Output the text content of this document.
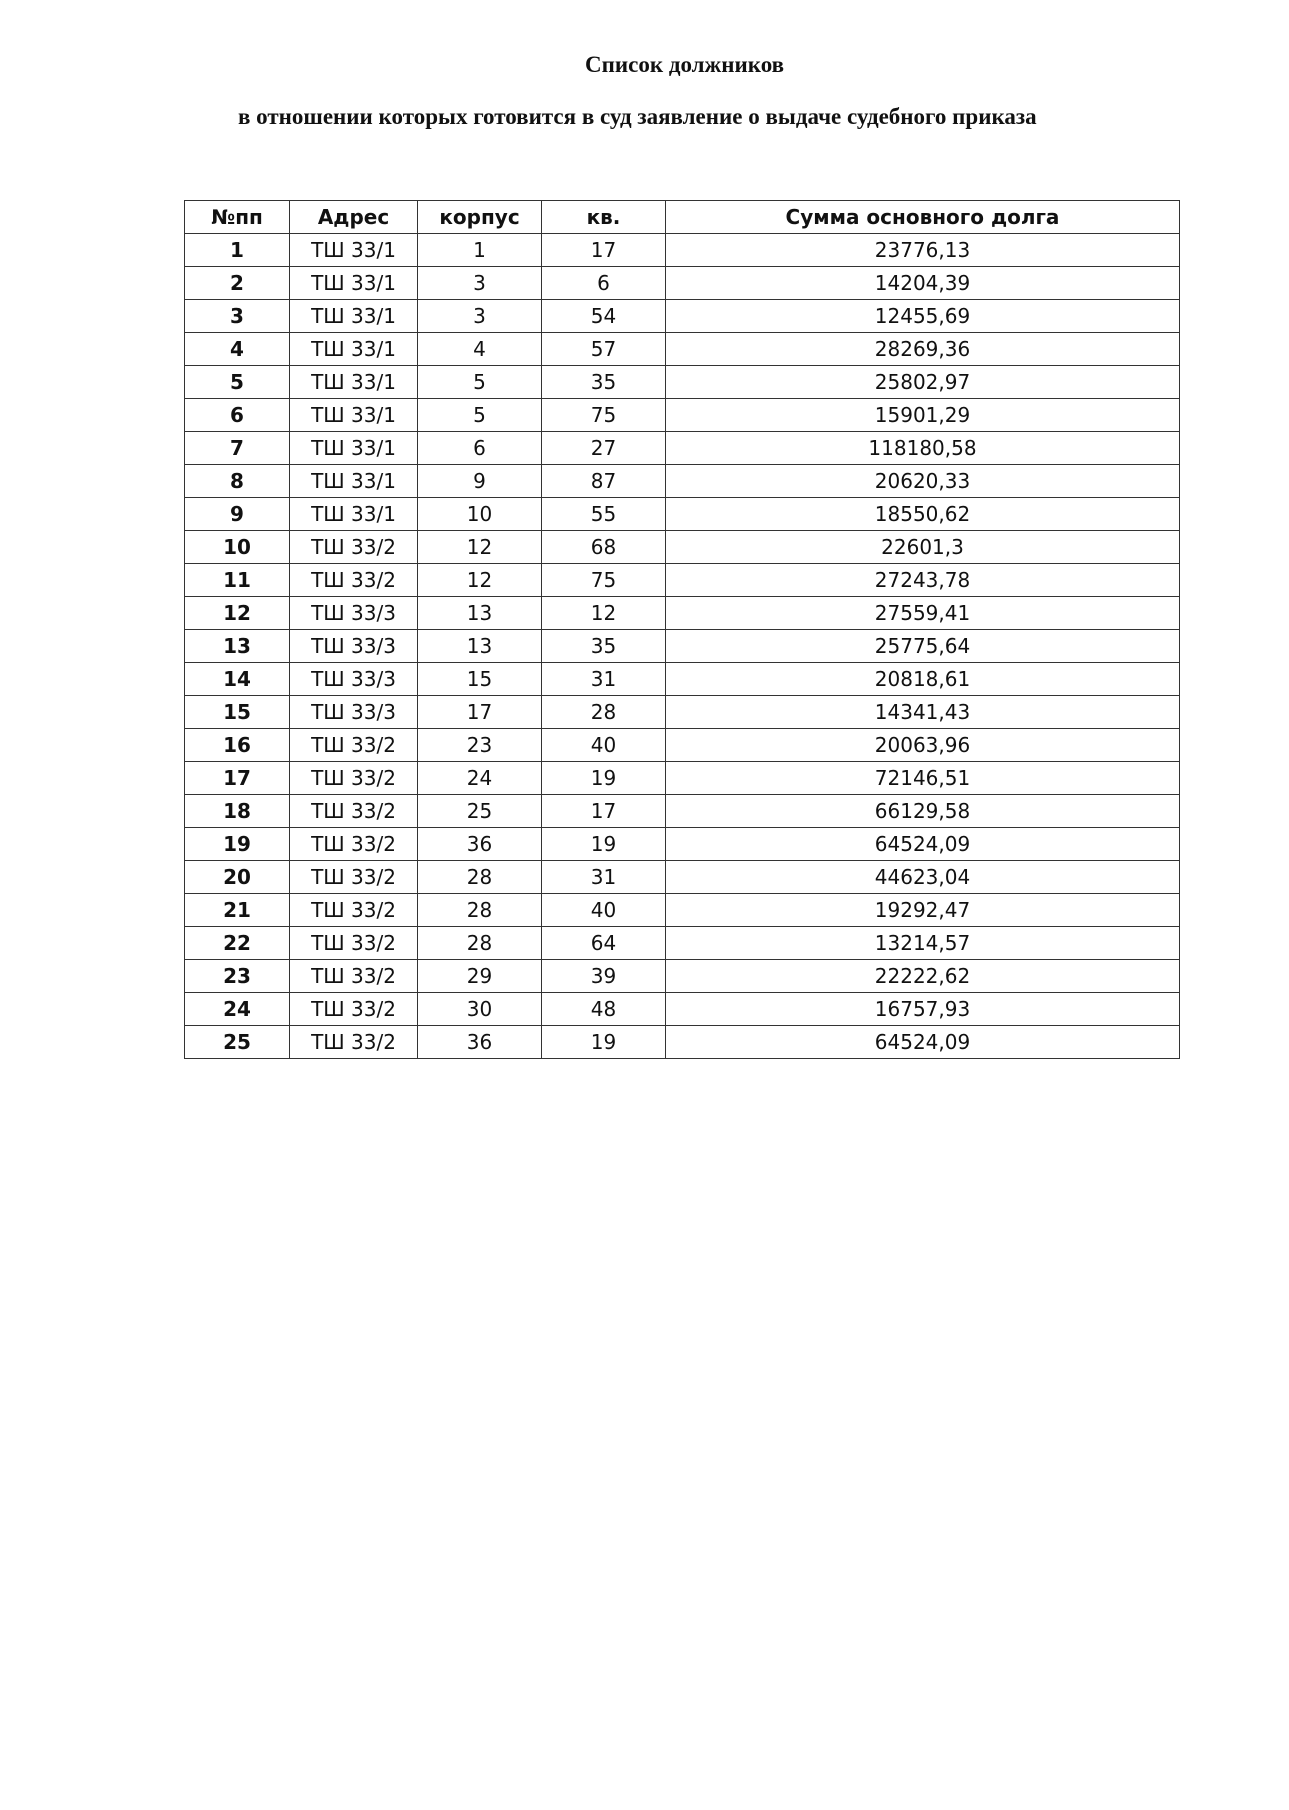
Список должников
в отношении которых готовится в суд заявление о выдаче судебного приказа
№пп	Адрес	корпус	кв.	Сумма основного долга
1	ТШ 33/1	1	17	23776,13
2	ТШ 33/1	3	6	14204,39
3	ТШ 33/1	3	54	12455,69
4	ТШ 33/1	4	57	28269,36
5	ТШ 33/1	5	35	25802,97
6	ТШ 33/1	5	75	15901,29
7	ТШ 33/1	6	27	118180,58
8	ТШ 33/1	9	87	20620,33
9	ТШ 33/1	10	55	18550,62
10	ТШ 33/2	12	68	22601,3
11	ТШ 33/2	12	75	27243,78
12	ТШ 33/3	13	12	27559,41
13	ТШ 33/3	13	35	25775,64
14	ТШ 33/3	15	31	20818,61
15	ТШ 33/3	17	28	14341,43
16	ТШ 33/2	23	40	20063,96
17	ТШ 33/2	24	19	72146,51
18	ТШ 33/2	25	17	66129,58
19	ТШ 33/2	36	19	64524,09
20	ТШ 33/2	28	31	44623,04
21	ТШ 33/2	28	40	19292,47
22	ТШ 33/2	28	64	13214,57
23	ТШ 33/2	29	39	22222,62
24	ТШ 33/2	30	48	16757,93
25	ТШ 33/2	36	19	64524,09
